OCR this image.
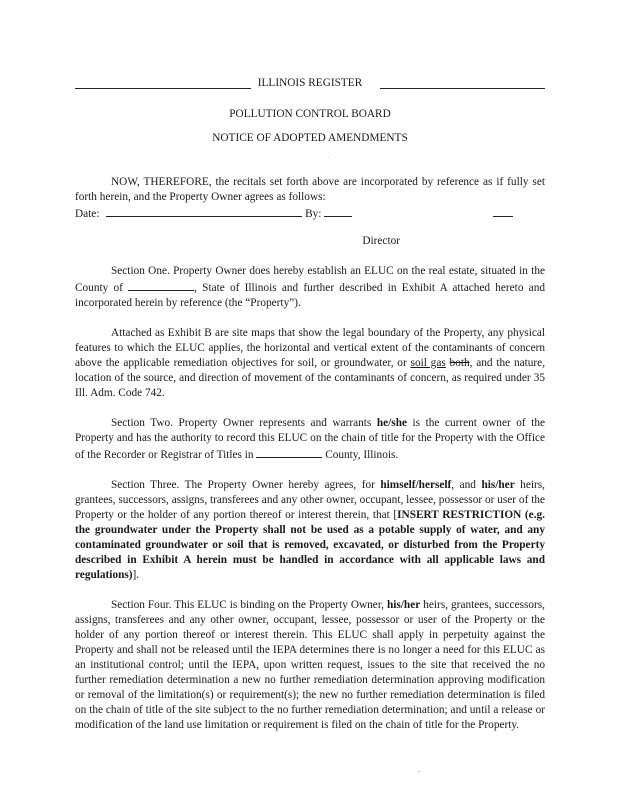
ILLINOIS REGISTER
POLLUTION CONTROL BOARD
NOTICE OF ADOPTED AMENDMENTS

NOW, THEREFORE, the recitals set forth above are incorporated by reference as if fully set forth herein, and the Property Owner agrees as follows:

Date:	By:
Director

Section One. Property Owner does hereby establish an ELUC on the real estate, situated in the County of	, State of Illinois and further described in Exhibit A attached hereto and incorporated herein by reference (the “Property”).

Attached as Exhibit B are site maps that show the legal boundary of the Property, any physical features to which the ELUC applies, the horizontal and vertical extent of the contaminants of concern above the applicable remediation objectives for soil, or groundwater, or soil gas both, and the nature, location of the source, and direction of movement of the contaminants of concern, as required under 35 Ill. Adm. Code 742.

Section Two. Property Owner represents and warrants he/she is the current owner of the Property and has the authority to record this ELUC on the chain of title for the Property with the Office of the Recorder or Registrar of Titles in	County, Illinois.

Section Three. The Property Owner hereby agrees, for himself/herself, and his/her heirs, grantees, successors, assigns, transferees and any other owner, occupant, lessee, possessor or user of the Property or the holder of any portion thereof or interest therein, that [INSERT RESTRICTION (e.g. the groundwater under the Property shall not be used as a potable supply of water, and any contaminated groundwater or soil that is removed, excavated, or disturbed from the Property described in Exhibit A herein must be handled in accordance with all applicable laws and regulations)].

Section Four. This ELUC is binding on the Property Owner, his/her heirs, grantees, successors, assigns, transferees and any other owner, occupant, lessee, possessor or user of the Property or the holder of any portion thereof or interest therein. This ELUC shall apply in perpetuity against the Property and shall not be released until the IEPA determines there is no longer a need for this ELUC as an institutional control; until the IEPA, upon written request, issues to the site that received the no further remediation determination a new no further remediation determination approving modification or removal of the limitation(s) or requirement(s); the new no further remediation determination is filed on the chain of title of the site subject to the no further remediation determination; and until a release or modification of the land use limitation or requirement is filed on the chain of title for the Property.

.
.
